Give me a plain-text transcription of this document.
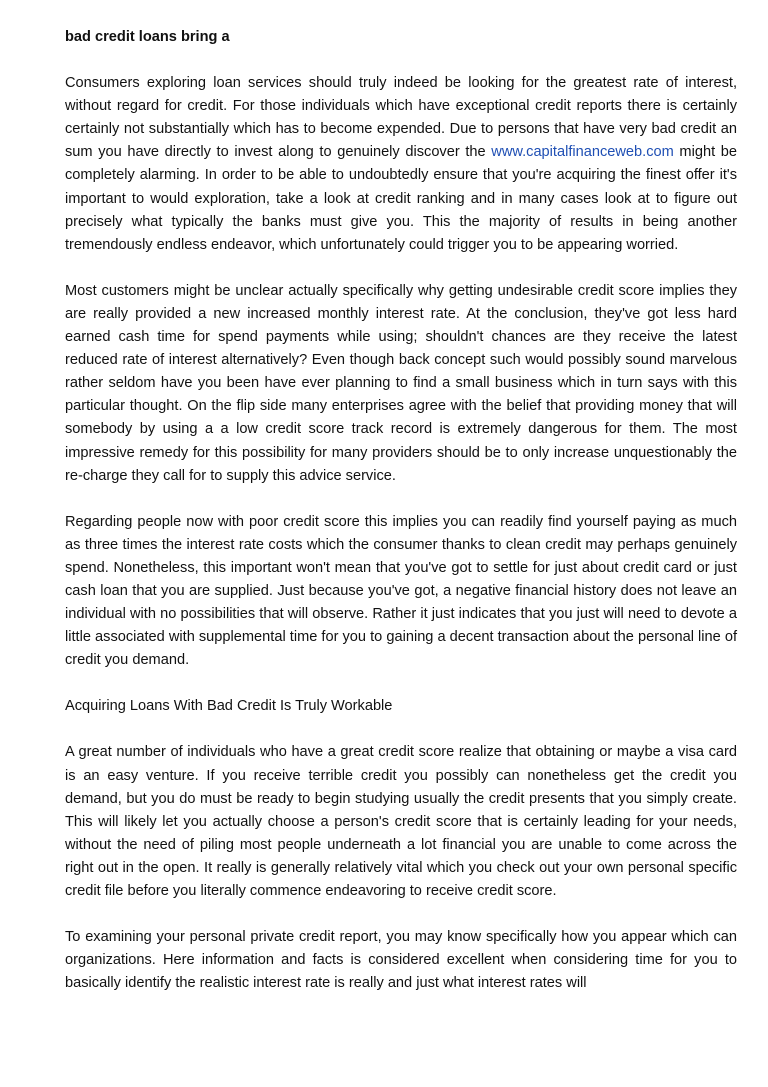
bad credit loans bring a

Consumers exploring loan services should truly indeed be looking for the greatest rate of interest, without regard for credit. For those individuals which have exceptional credit reports there is certainly certainly not substantially which has to become expended. Due to persons that have very bad credit an sum you have directly to invest along to genuinely discover the www.capitalfinanceweb.com might be completely alarming. In order to be able to undoubtedly ensure that you're acquiring the finest offer it's important to would exploration, take a look at credit ranking and in many cases look at to figure out precisely what typically the banks must give you. This the majority of results in being another tremendously endless endeavor, which unfortunately could trigger you to be appearing worried.

Most customers might be unclear actually specifically why getting undesirable credit score implies they are really provided a new increased monthly interest rate. At the conclusion, they've got less hard earned cash time for spend payments while using; shouldn't chances are they receive the latest reduced rate of interest alternatively? Even though back concept such would possibly sound marvelous rather seldom have you been have ever planning to find a small business which in turn says with this particular thought. On the flip side many enterprises agree with the belief that providing money that will somebody by using a a low credit score track record is extremely dangerous for them. The most impressive remedy for this possibility for many providers should be to only increase unquestionably the re-charge they call for to supply this advice service.

Regarding people now with poor credit score this implies you can readily find yourself paying as much as three times the interest rate costs which the consumer thanks to clean credit may perhaps genuinely spend. Nonetheless, this important won't mean that you've got to settle for just about credit card or just cash loan that you are supplied. Just because you've got, a negative financial history does not leave an individual with no possibilities that will observe. Rather it just indicates that you just will need to devote a little associated with supplemental time for you to gaining a decent transaction about the personal line of credit you demand.

Acquiring Loans With Bad Credit Is Truly Workable

A great number of individuals who have a great credit score realize that obtaining or maybe a visa card is an easy venture. If you receive terrible credit you possibly can nonetheless get the credit you demand, but you do must be ready to begin studying usually the credit presents that you simply create. This will likely let you actually choose a person's credit score that is certainly leading for your needs, without the need of piling most people underneath a lot financial you are unable to come across the right out in the open. It really is generally relatively vital which you check out your own personal specific credit file before you literally commence endeavoring to receive credit score.

To examining your personal private credit report, you may know specifically how you appear which can organizations. Here information and facts is considered excellent when considering time for you to basically identify the realistic interest rate is really and just what interest rates will
